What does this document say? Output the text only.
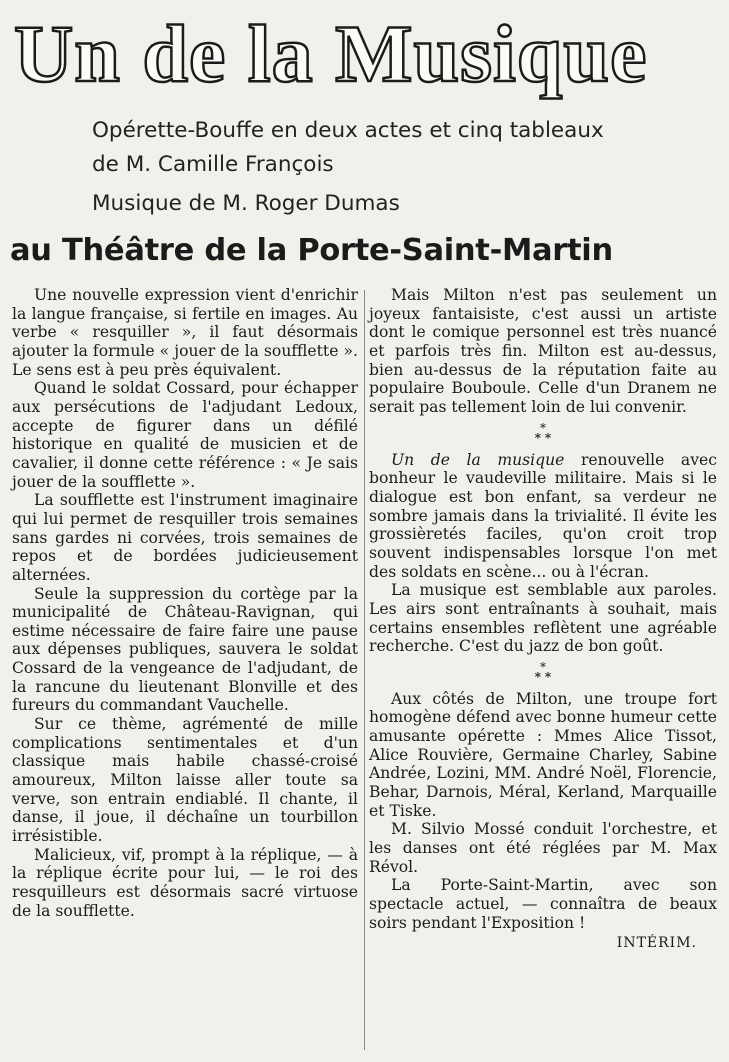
Un de la Musique
Opérette-Bouffe en deux actes et cinq tableaux
de M. Camille François
Musique de M. Roger Dumas
au Théâtre de la Porte-Saint-Martin

Une nouvelle expression vient d'enrichir la langue française, si fertile en images. Au verbe « resquiller », il faut désormais ajouter la formule « jouer de la soufflette ». Le sens est à peu près équivalent.

Quand le soldat Cossard, pour échapper aux persécutions de l'adjudant Ledoux, accepte de figurer dans un défilé historique en qualité de musicien et de cavalier, il donne cette référence : « Je sais jouer de la soufflette ».

La soufflette est l'instrument imaginaire qui lui permet de resquiller trois semaines sans gardes ni corvées, trois semaines de repos et de bordées judicieusement alternées.

Seule la suppression du cortège par la municipalité de Château-Ravignan, qui estime nécessaire de faire faire une pause aux dépenses publiques, sauvera le soldat Cossard de la vengeance de l'adjudant, de la rancune du lieutenant Blonville et des fureurs du commandant Vauchelle.

Sur ce thème, agrémenté de mille complications sentimentales et d'un classique mais habile chassé-croisé amoureux, Milton laisse aller toute sa verve, son entrain endiablé. Il chante, il danse, il joue, il déchaîne un tourbillon irrésistible.

Malicieux, vif, prompt à la réplique, — à la réplique écrite pour lui, — le roi des resquilleurs est désormais sacré virtuose de la soufflette.

Mais Milton n'est pas seulement un joyeux fantaisiste, c'est aussi un artiste dont le comique personnel est très nuancé et parfois très fin. Milton est au-dessus, bien au-dessus de la réputation faite au populaire Bouboule. Celle d'un Dranem ne serait pas tellement loin de lui convenir.

*
* *

Un de la musique renouvelle avec bonheur le vaudeville militaire. Mais si le dialogue est bon enfant, sa verdeur ne sombre jamais dans la trivialité. Il évite les grossièretés faciles, qu'on croit trop souvent indispensables lorsque l'on met des soldats en scène... ou à l'écran.

La musique est semblable aux paroles. Les airs sont entraînants à souhait, mais certains ensembles reflètent une agréable recherche. C'est du jazz de bon goût.

*
* *

Aux côtés de Milton, une troupe fort homogène défend avec bonne humeur cette amusante opérette : Mmes Alice Tissot, Alice Rouvière, Germaine Charley, Sabine Andrée, Lozini, MM. André Noël, Florencie, Behar, Darnois, Méral, Kerland, Marquaille et Tiske.

M. Silvio Mossé conduit l'orchestre, et les danses ont été réglées par M. Max Révol.

La Porte-Saint-Martin, avec son spectacle actuel, — connaîtra de beaux soirs pendant l'Exposition !

INTÉRIM.
